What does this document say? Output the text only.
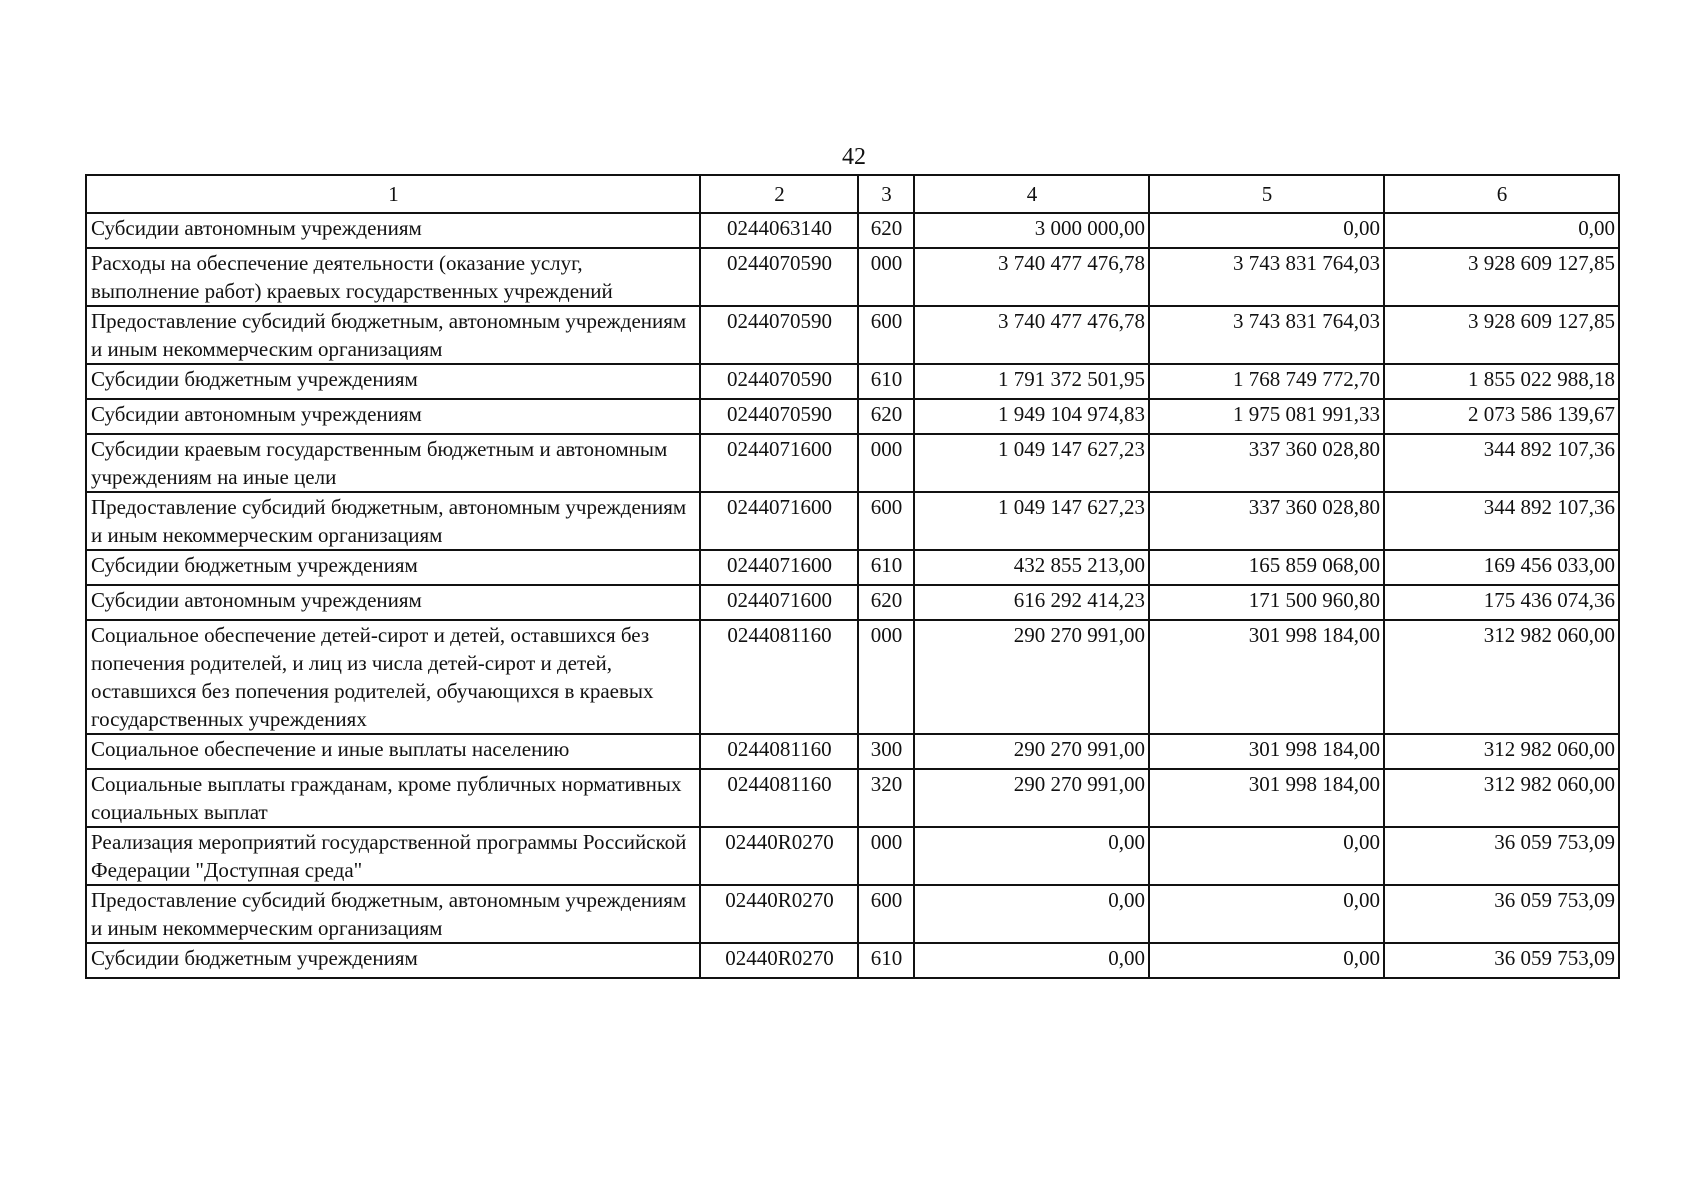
42
1	2	3	4	5	6
Субсидии автономным учреждениям	0244063140	620	3 000 000,00	0,00	0,00
Расходы на обеспечение деятельности (оказание услуг, выполнение работ) краевых государственных учреждений	0244070590	000	3 740 477 476,78	3 743 831 764,03	3 928 609 127,85
Предоставление субсидий бюджетным, автономным учреждениям и иным некоммерческим организациям	0244070590	600	3 740 477 476,78	3 743 831 764,03	3 928 609 127,85
Субсидии бюджетным учреждениям	0244070590	610	1 791 372 501,95	1 768 749 772,70	1 855 022 988,18
Субсидии автономным учреждениям	0244070590	620	1 949 104 974,83	1 975 081 991,33	2 073 586 139,67
Субсидии краевым государственным бюджетным и автономным учреждениям на иные цели	0244071600	000	1 049 147 627,23	337 360 028,80	344 892 107,36
Предоставление субсидий бюджетным, автономным учреждениям и иным некоммерческим организациям	0244071600	600	1 049 147 627,23	337 360 028,80	344 892 107,36
Субсидии бюджетным учреждениям	0244071600	610	432 855 213,00	165 859 068,00	169 456 033,00
Субсидии автономным учреждениям	0244071600	620	616 292 414,23	171 500 960,80	175 436 074,36
Социальное обеспечение детей-сирот и детей, оставшихся без попечения родителей, и лиц из числа детей-сирот и детей, оставшихся без попечения родителей, обучающихся в краевых государственных учреждениях	0244081160	000	290 270 991,00	301 998 184,00	312 982 060,00
Социальное обеспечение и иные выплаты населению	0244081160	300	290 270 991,00	301 998 184,00	312 982 060,00
Социальные выплаты гражданам, кроме публичных нормативных социальных выплат	0244081160	320	290 270 991,00	301 998 184,00	312 982 060,00
Реализация мероприятий государственной программы Российской Федерации "Доступная среда"	02440R0270	000	0,00	0,00	36 059 753,09
Предоставление субсидий бюджетным, автономным учреждениям и иным некоммерческим организациям	02440R0270	600	0,00	0,00	36 059 753,09
Субсидии бюджетным учреждениям	02440R0270	610	0,00	0,00	36 059 753,09
